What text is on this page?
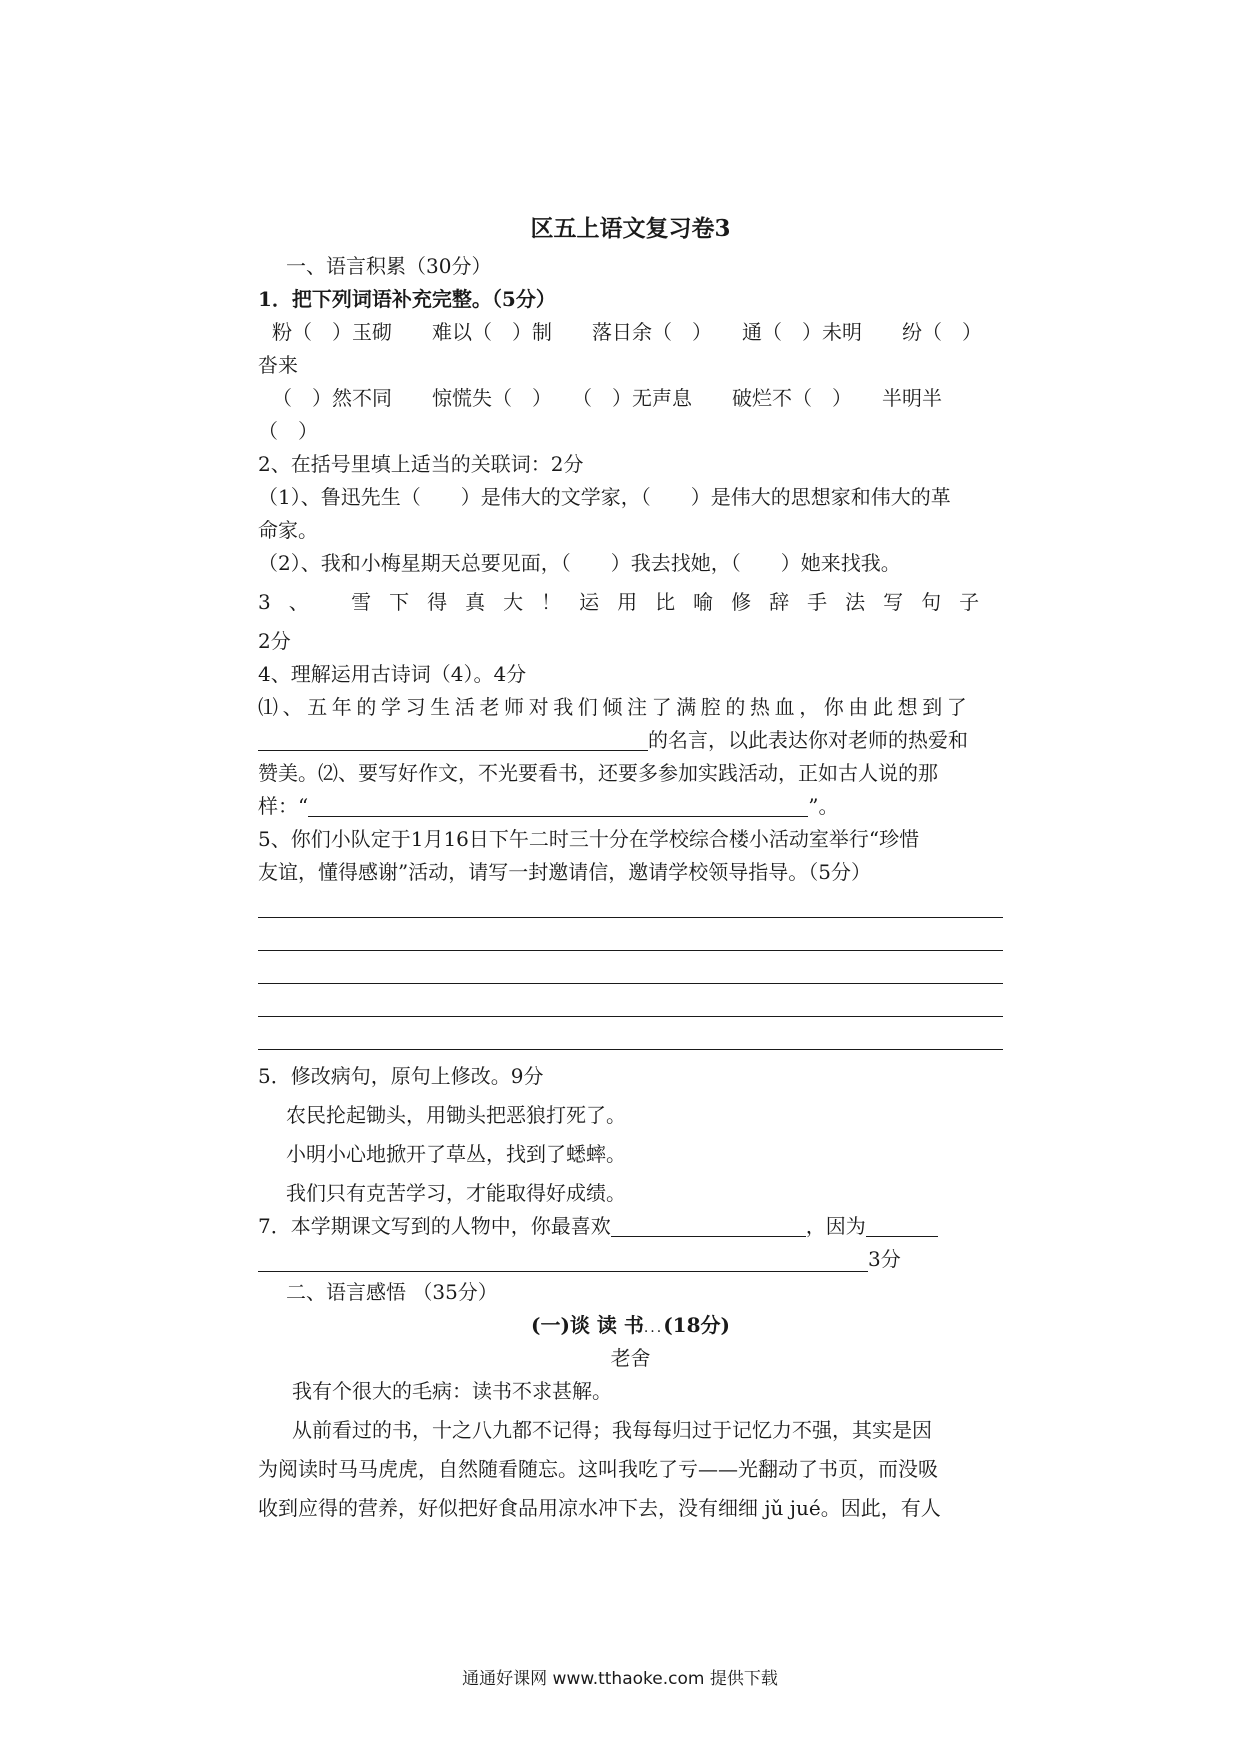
区五上语文复习卷3
一、语言积累（30分）
1．把下列词语补充完整。（5分）
粉（　）玉砌　　难以（　）制　　落日余（　）　　通（　）未明　　纷（　）
沓来
（　）然不同　　惊慌失（　）　　（　）无声息　　破烂不（　）　　半明半
（　）
2、在括号里填上适当的关联词：2分
（1）、鲁迅先生（　　）是伟大的文学家，（　　）是伟大的思想家和伟大的革
命家。
（2）、我和小梅星期天总要见面，（　　）我去找她，（　　）她来找我。
3、 雪下得真大！运用比喻修辞手法写句子
2分
4、理解运用古诗词（4）。4分
⑴、五年的学习生活老师对我们倾注了满腔的热血，你由此想到了
的名言，以此表达你对老师的热爱和
赞美。⑵、要写好作文，不光要看书，还要多参加实践活动，正如古人说的那
样：“	”。
5、你们小队定于1月16日下午二时三十分在学校综合楼小活动室举行“珍惜
友谊，懂得感谢”活动，请写一封邀请信，邀请学校领导指导。（5分）
5．修改病句，原句上修改。9分
农民抡起锄头，用锄头把恶狼打死了。
小明小心地掀开了草丛，找到了蟋蟀。
我们只有克苦学习，才能取得好成绩。
7．本学期课文写到的人物中，你最喜欢	，因为
3分
二、语言感悟 （35分）
(一)谈 读 书...(18分)
老舍
我有个很大的毛病：读书不求甚解。
从前看过的书，十之八九都不记得；我每每归过于记忆力不强，其实是因
为阅读时马马虎虎，自然随看随忘。这叫我吃了亏——光翻动了书页，而没吸
收到应得的营养，好似把好食品用凉水冲下去，没有细细 jǔ jué。因此，有人
通通好课网 www.tthaoke.com 提供下载
